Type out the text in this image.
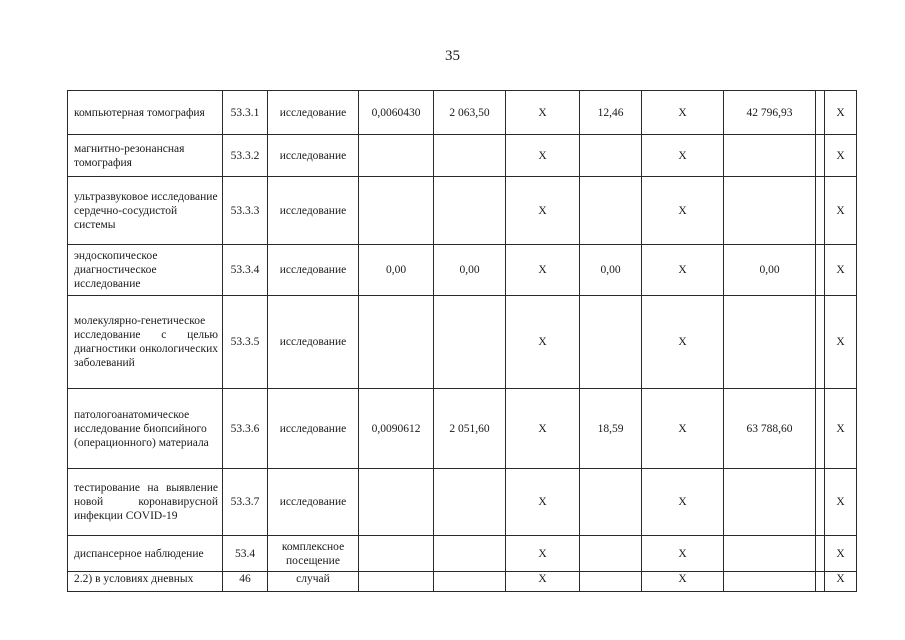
35
компьютерная томография	53.3.1	исследование	0,0060430	2 063,50	X	12,46	X	42 796,93		X
магнитно-резонансная томография	53.3.2	исследование			X		X			X
ультразвуковое исследование сердечно-сосудистой системы	53.3.3	исследование			X		X			X
эндоскопическое диагностическое исследование	53.3.4	исследование	0,00	0,00	X	0,00	X	0,00		X
молекулярно-генетическое исследование с целью диагностики онкологических заболеваний	53.3.5	исследование			X		X			X
патологоанатомическое исследование биопсийного (операционного) материала	53.3.6	исследование	0,0090612	2 051,60	X	18,59	X	63 788,60		X
тестирование на выявление новой коронавирусной инфекции COVID-19	53.3.7	исследование			X		X			X
диспансерное наблюдение	53.4	комплексное посещение			X		X			X
2.2) в условиях дневных	46	случай			X		X			X
